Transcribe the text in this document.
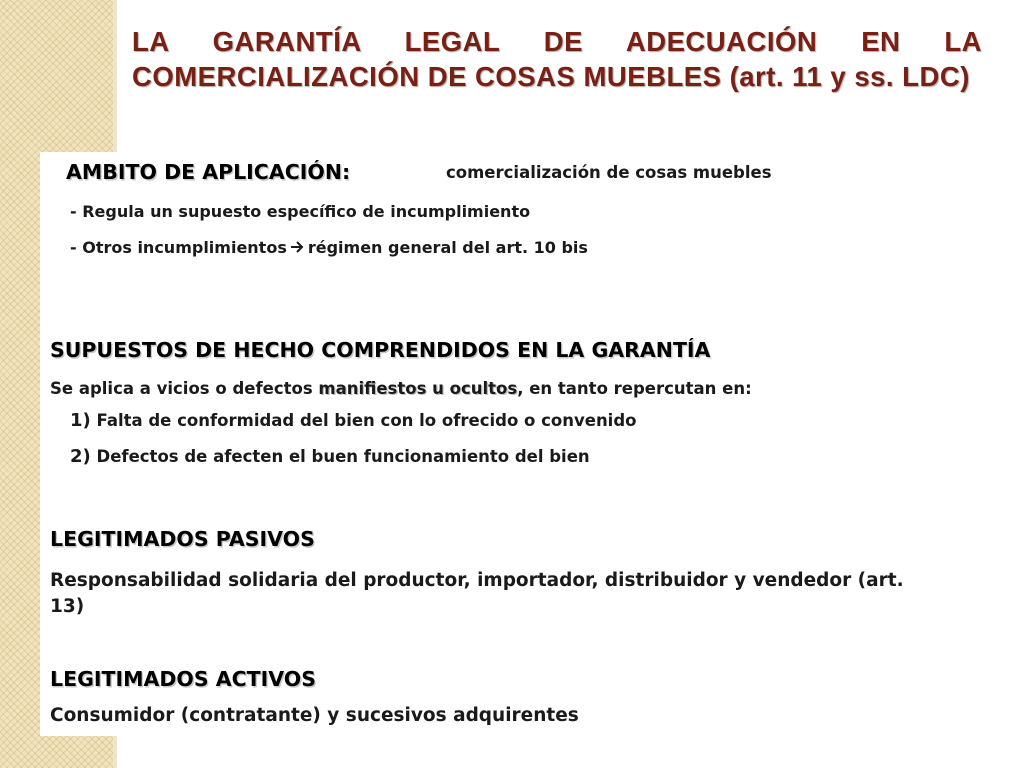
LA GARANTÍA LEGAL DE ADECUACIÓN EN LA COMERCIALIZACIÓN DE COSAS MUEBLES (art. 11 y ss. LDC)

AMBITO DE APLICACIÓN:	comercialización de cosas muebles

- Regula un supuesto específico de incumplimiento

- Otros incumplimientos régimen general del art. 10 bis

SUPUESTOS DE HECHO COMPRENDIDOS EN LA GARANTÍA

Se aplica a vicios o defectos manifiestos u ocultos, en tanto repercutan en:

1) Falta de conformidad del bien con lo ofrecido o convenido

2) Defectos de afecten el buen funcionamiento del bien

LEGITIMADOS PASIVOS

Responsabilidad solidaria del productor, importador, distribuidor y vendedor (art. 13)

LEGITIMADOS ACTIVOS

Consumidor (contratante) y sucesivos adquirentes
